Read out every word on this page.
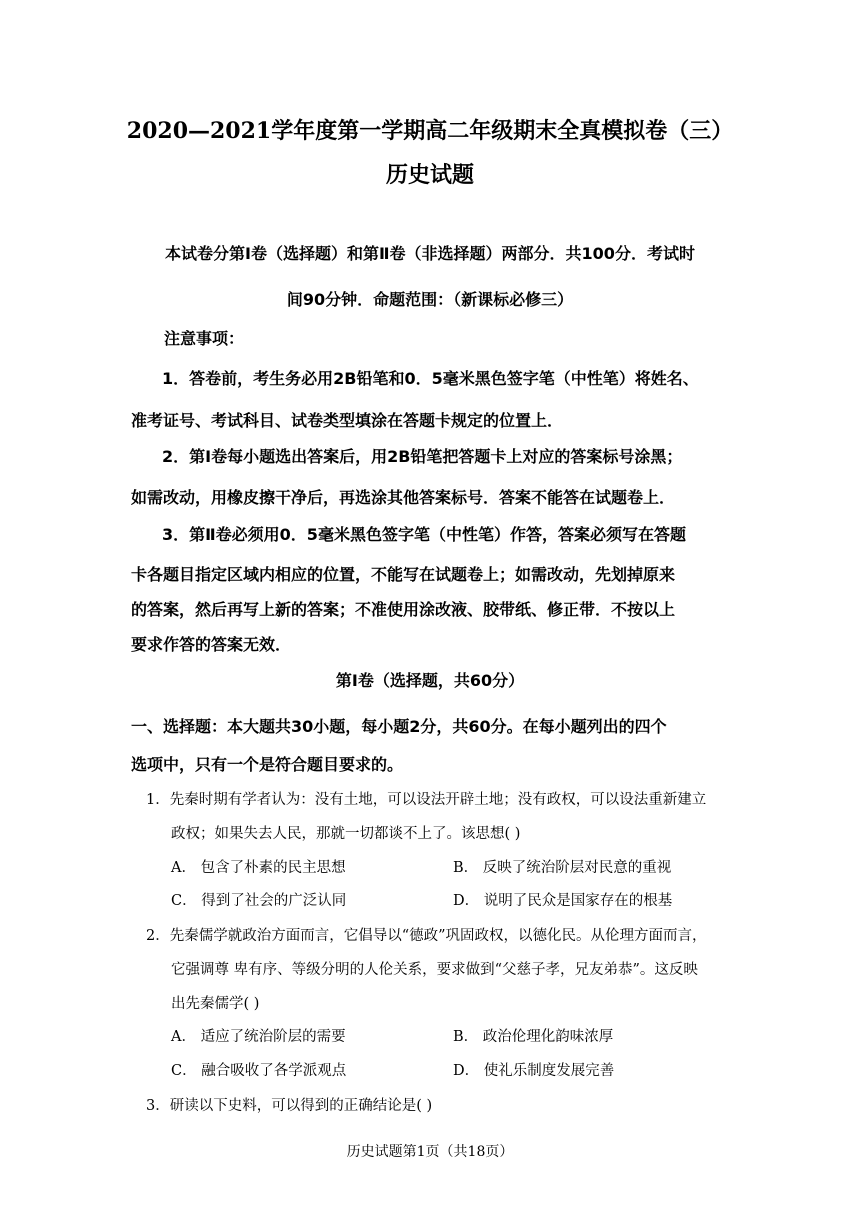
2020—2021学年度第一学期高二年级期末全真模拟卷（三）
历史试题
本试卷分第Ⅰ卷（选择题）和第Ⅱ卷（非选择题）两部分．共100分．考试时
间90分钟．命题范围：（新课标必修三）
注意事项：
1．答卷前，考生务必用2B铅笔和0．5毫米黑色签字笔（中性笔）将姓名、
准考证号、考试科目、试卷类型填涂在答题卡规定的位置上．
2．第Ⅰ卷每小题选出答案后，用2B铅笔把答题卡上对应的答案标号涂黑；
如需改动，用橡皮擦干净后，再选涂其他答案标号．答案不能答在试题卷上．
3．第Ⅱ卷必须用0．5毫米黑色签字笔（中性笔）作答，答案必须写在答题
卡各题目指定区域内相应的位置，不能写在试题卷上；如需改动，先划掉原来
的答案，然后再写上新的答案；不准使用涂改液、胶带纸、修正带．不按以上
要求作答的答案无效．
第Ⅰ卷（选择题，共60分）
一、选择题：本大题共30小题，每小题2分，共60分。在每小题列出的四个
选项中，只有一个是符合题目要求的。
1．先秦时期有学者认为：没有土地，可以设法开辟土地；没有政权，可以设法重新建立
政权；如果失去人民，那就一切都谈不上了。该思想( )
A． 包含了朴素的民主思想	B． 反映了统治阶层对民意的重视
C． 得到了社会的广泛认同	D． 说明了民众是国家存在的根基
2．先秦儒学就政治方面而言，它倡导以“德政”巩固政权，以德化民。从伦理方面而言，
它强调尊 卑有序、等级分明的人伦关系，要求做到“父慈子孝，兄友弟恭”。这反映
出先秦儒学( )
A． 适应了统治阶层的需要	B． 政治伦理化韵味浓厚
C． 融合吸收了各学派观点	D． 使礼乐制度发展完善
3．研读以下史料，可以得到的正确结论是( )
历史试题第1页（共18页）
